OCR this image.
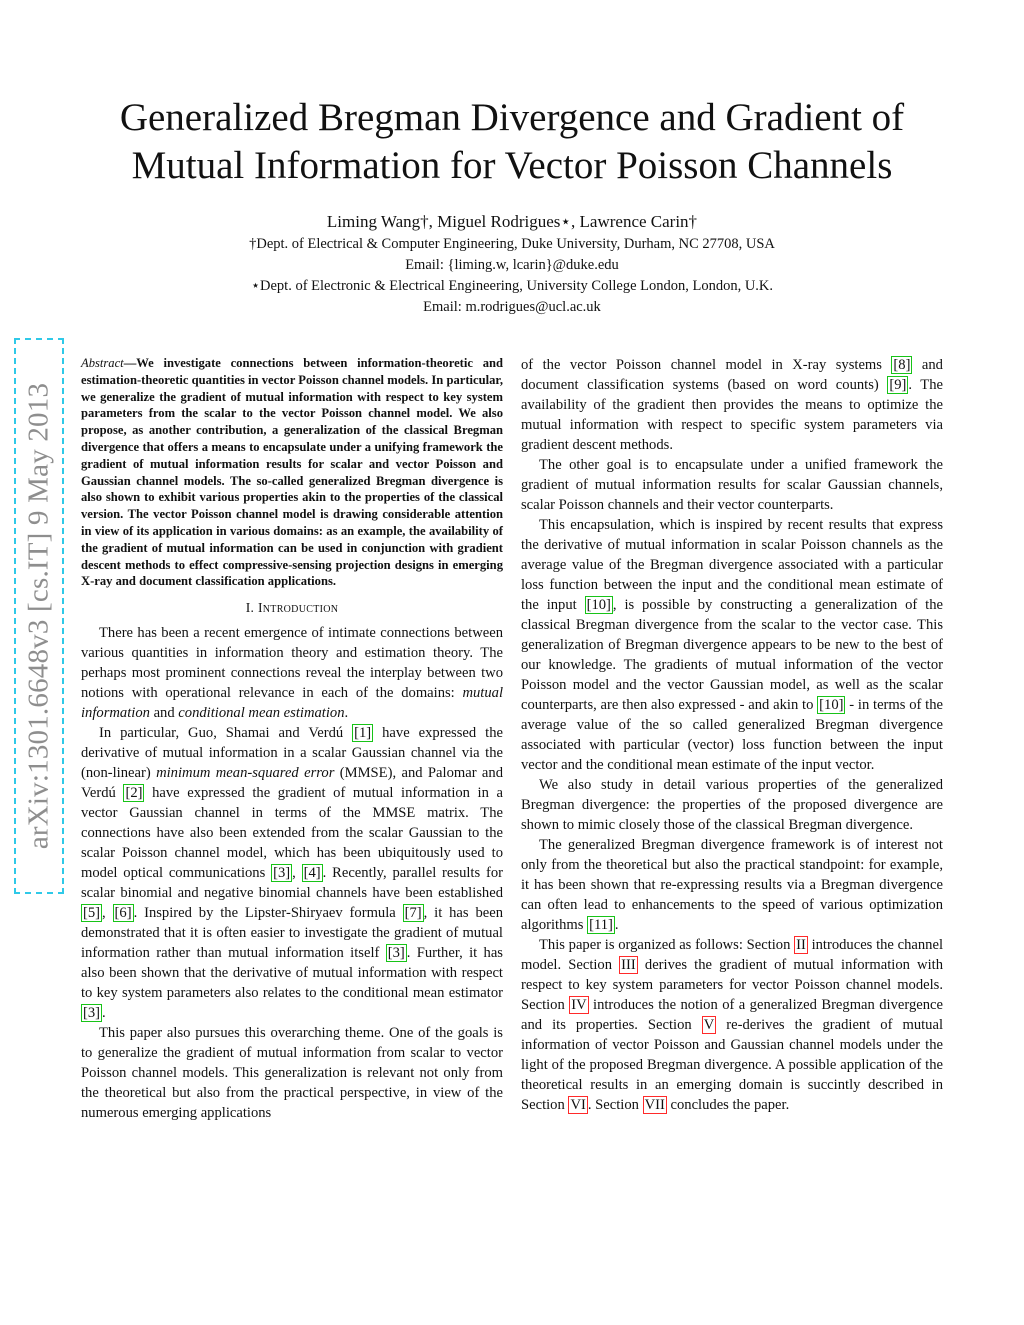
arXiv:1301.6648v3 [cs.IT] 9 May 2013
Generalized Bregman Divergence and Gradient of
Mutual Information for Vector Poisson Channels
Liming Wang†, Miguel Rodrigues⋆, Lawrence Carin†
†Dept. of Electrical & Computer Engineering, Duke University, Durham, NC 27708, USA
Email: {liming.w, lcarin}@duke.edu
⋆Dept. of Electronic & Electrical Engineering, University College London, London, U.K.
Email: m.rodrigues@ucl.ac.uk

Abstract—We investigate connections between information-theoretic and estimation-theoretic quantities in vector Poisson channel models. In particular, we generalize the gradient of mutual information with respect to key system parameters from the scalar to the vector Poisson channel model. We also propose, as another contribution, a generalization of the classical Bregman divergence that offers a means to encapsulate under a unifying framework the gradient of mutual information results for scalar and vector Poisson and Gaussian channel models. The so-called generalized Bregman divergence is also shown to exhibit various properties akin to the properties of the classical version. The vector Poisson channel model is drawing considerable attention in view of its application in various domains: as an example, the availability of the gradient of mutual information can be used in conjunction with gradient descent methods to effect compressive-sensing projection designs in emerging X-ray and document classification applications.

I. Introduction

There has been a recent emergence of intimate connections between various quantities in information theory and estimation theory. The perhaps most prominent connections reveal the interplay between two notions with operational relevance in each of the domains: mutual information and conditional mean estimation.

In particular, Guo, Shamai and Verdú [1] have expressed the derivative of mutual information in a scalar Gaussian channel via the (non-linear) minimum mean-squared error (MMSE), and Palomar and Verdú [2] have expressed the gradient of mutual information in a vector Gaussian channel in terms of the MMSE matrix. The connections have also been extended from the scalar Gaussian to the scalar Poisson channel model, which has been ubiquitously used to model optical communications [3] , [4] . Recently, parallel results for scalar binomial and negative binomial channels have been established [5] , [6] . Inspired by the Lipster-Shiryaev formula [7] , it has been demonstrated that it is often easier to investigate the gradient of mutual information rather than mutual information itself [3] . Further, it has also been shown that the derivative of mutual information with respect to key system parameters also relates to the conditional mean estimator [3] .

This paper also pursues this overarching theme. One of the goals is to generalize the gradient of mutual information from scalar to vector Poisson channel models. This generalization is relevant not only from the theoretical but also from the practical perspective, in view of the numerous emerging applications

of the vector Poisson channel model in X-ray systems [8] and document classification systems (based on word counts) [9] . The availability of the gradient then provides the means to optimize the mutual information with respect to specific system parameters via gradient descent methods.

The other goal is to encapsulate under a unified framework the gradient of mutual information results for scalar Gaussian channels, scalar Poisson channels and their vector counterparts.

This encapsulation, which is inspired by recent results that express the derivative of mutual information in scalar Poisson channels as the average value of the Bregman divergence associated with a particular loss function between the input and the conditional mean estimate of the input [10] , is possible by constructing a generalization of the classical Bregman divergence from the scalar to the vector case. This generalization of Bregman divergence appears to be new to the best of our knowledge. The gradients of mutual information of the vector Poisson model and the vector Gaussian model, as well as the scalar counterparts, are then also expressed - and akin to [10] - in terms of the average value of the so called generalized Bregman divergence associated with particular (vector) loss function between the input vector and the conditional mean estimate of the input vector.

We also study in detail various properties of the generalized Bregman divergence: the properties of the proposed divergence are shown to mimic closely those of the classical Bregman divergence.

The generalized Bregman divergence framework is of interest not only from the theoretical but also the practical standpoint: for example, it has been shown that re-expressing results via a Bregman divergence can often lead to enhancements to the speed of various optimization algorithms [11] .

This paper is organized as follows: Section II introduces the channel model. Section III derives the gradient of mutual information with respect to key system parameters for vector Poisson channel models. Section IV introduces the notion of a generalized Bregman divergence and its properties. Section V re-derives the gradient of mutual information of vector Poisson and Gaussian channel models under the light of the proposed Bregman divergence. A possible application of the theoretical results in an emerging domain is succintly described in Section VI . Section VII concludes the paper.
